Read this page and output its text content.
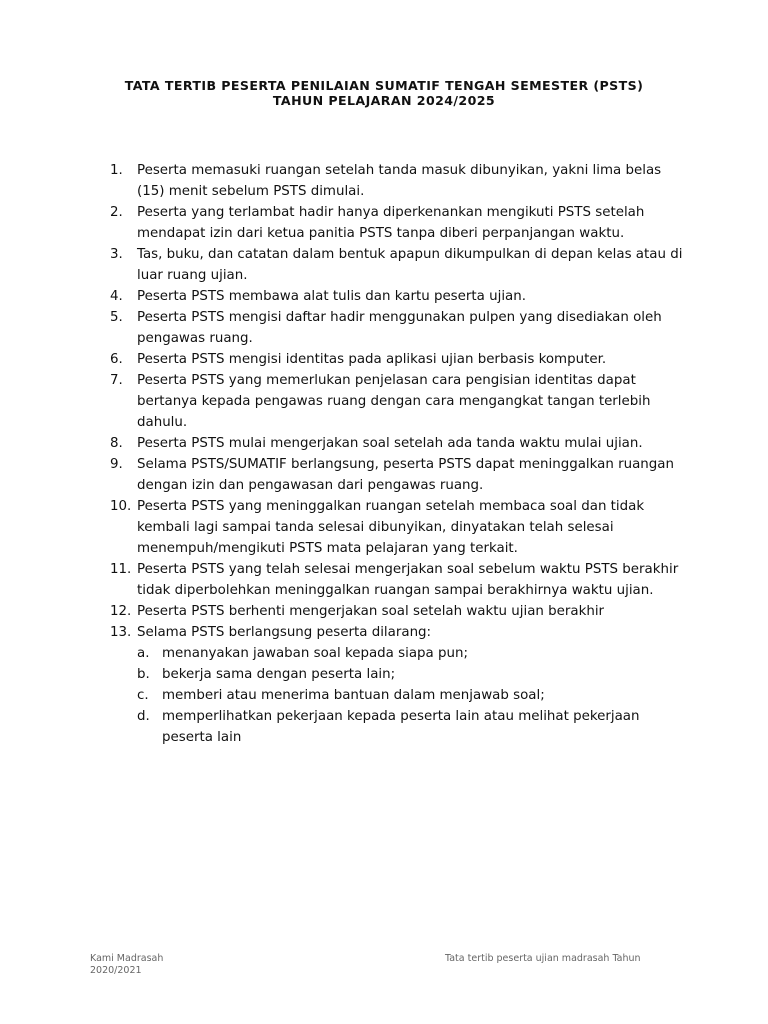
TATA TERTIB PESERTA PENILAIAN SUMATIF TENGAH SEMESTER (PSTS)
TAHUN PELAJARAN 2024/2025
1. Peserta memasuki ruangan setelah tanda masuk dibunyikan, yakni lima belas (15) menit sebelum PSTS dimulai.
2. Peserta yang terlambat hadir hanya diperkenankan mengikuti PSTS setelah mendapat izin dari ketua panitia PSTS tanpa diberi perpanjangan waktu.
3. Tas, buku, dan catatan dalam bentuk apapun dikumpulkan di depan kelas atau di luar ruang ujian.
4. Peserta PSTS membawa alat tulis dan kartu peserta ujian.
5. Peserta PSTS mengisi daftar hadir menggunakan pulpen yang disediakan oleh pengawas ruang.
6. Peserta PSTS mengisi identitas pada aplikasi ujian berbasis komputer.
7. Peserta PSTS yang memerlukan penjelasan cara pengisian identitas dapat bertanya kepada pengawas ruang dengan cara mengangkat tangan terlebih dahulu.
8. Peserta PSTS mulai mengerjakan soal setelah ada tanda waktu mulai ujian.
9. Selama PSTS/SUMATIF berlangsung, peserta PSTS dapat meninggalkan ruangan dengan izin dan pengawasan dari pengawas ruang.
10. Peserta PSTS yang meninggalkan ruangan setelah membaca soal dan tidak kembali lagi sampai tanda selesai dibunyikan, dinyatakan telah selesai menempuh/mengikuti PSTS mata pelajaran yang terkait.
11. Peserta PSTS yang telah selesai mengerjakan soal sebelum waktu PSTS berakhir tidak diperbolehkan meninggalkan ruangan sampai berakhirnya waktu ujian.
12. Peserta PSTS berhenti mengerjakan soal setelah waktu ujian berakhir
13. Selama PSTS berlangsung peserta dilarang:
a. menanyakan jawaban soal kepada siapa pun;
b. bekerja sama dengan peserta lain;
c. memberi atau menerima bantuan dalam menjawab soal;
d. memperlihatkan pekerjaan kepada peserta lain atau melihat pekerjaan peserta lain
Kami Madrasah 2020/2021
Tata tertib peserta ujian madrasah Tahun
